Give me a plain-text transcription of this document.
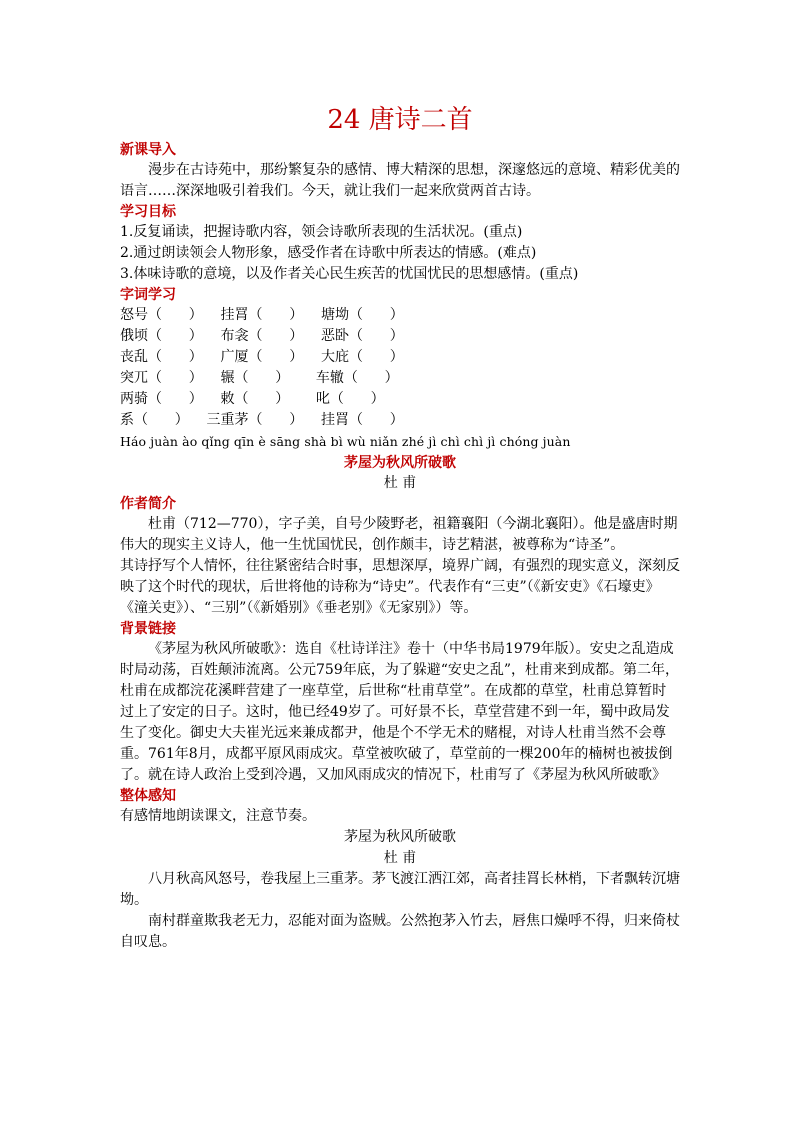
24 唐诗二首
新课导入

漫步在古诗苑中，那纷繁复杂的感情、博大精深的思想，深邃悠远的意境、精彩优美的语言……深深地吸引着我们。今天，就让我们一起来欣赏两首古诗。

学习目标

1.反复诵读，把握诗歌内容，领会诗歌所表现的生活状况。(重点)

2.通过朗读领会人物形象，感受作者在诗歌中所表达的情感。(难点)

3.体味诗歌的意境，以及作者关心民生疾苦的忧国忧民的思想感情。(重点)

字词学习
怒号（      ）    挂罥（      ）    塘坳（      ）
俄顷（      ）    布衾（      ）    恶卧（      ）
丧乱（      ）    广厦（      ）    大庇（      ）
突兀（      ）    辗（      ）      车辙（      ）
两骑（      ）    敕（      ）      叱（      ）
系（      ）    三重茅（      ）    挂罥（      ）
Háo juàn ào qǐng qīn è sāng shà bì wù niǎn zhé jì chì chì jì chóng juàn
茅屋为秋风所破歌

杜 甫

作者简介

杜甫（712—770），字子美，自号少陵野老，祖籍襄阳（今湖北襄阳）。他是盛唐时期伟大的现实主义诗人，他一生忧国忧民，创作颇丰，诗艺精湛，被尊称为“诗圣”。

其诗抒写个人情怀，往往紧密结合时事，思想深厚，境界广阔，有强烈的现实意义，深刻反映了这个时代的现状，后世将他的诗称为“诗史”。代表作有“三吏”（《新安吏》《石壕吏》《潼关吏》）、“三别”（《新婚别》《垂老别》《无家别》）等。

背景链接

《茅屋为秋风所破歌》：选自《杜诗详注》卷十（中华书局1979年版）。安史之乱造成时局动荡，百姓颠沛流离。公元759年底，为了躲避“安史之乱”，杜甫来到成都。第二年，杜甫在成都浣花溪畔营建了一座草堂，后世称“杜甫草堂”。在成都的草堂，杜甫总算暂时过上了安定的日子。这时，他已经49岁了。可好景不长，草堂营建不到一年，蜀中政局发生了变化。御史大夫崔光远来兼成都尹，他是个不学无术的赌棍，对诗人杜甫当然不会尊重。761年8月，成都平原风雨成灾。草堂被吹破了，草堂前的一棵200年的楠树也被拔倒了。就在诗人政治上受到冷遇，又加风雨成灾的情况下，杜甫写了《茅屋为秋风所破歌》

整体感知

有感情地朗读课文，注意节奏。

茅屋为秋风所破歌

杜 甫

八月秋高风怒号，卷我屋上三重茅。茅飞渡江洒江郊，高者挂罥长林梢，下者飘转沉塘坳。

南村群童欺我老无力，忍能对面为盗贼。公然抱茅入竹去，唇焦口燥呼不得，归来倚杖自叹息。
